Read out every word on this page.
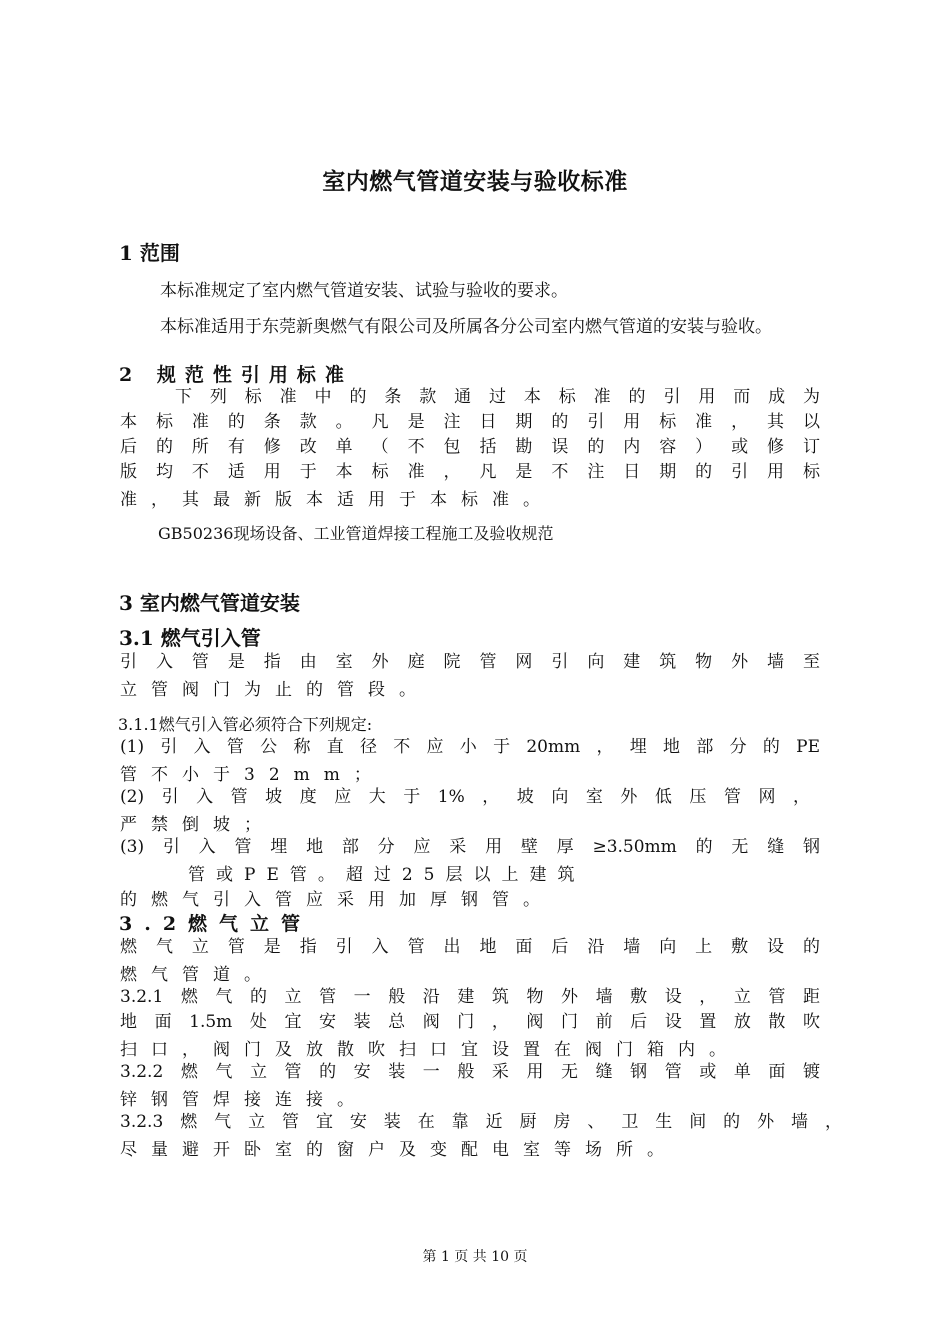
室内燃气管道安装与验收标准
1 范围
本标准规定了室内燃气管道安装、试验与验收的要求。
本标准适用于东莞新奥燃气有限公司及所属各分公司室内燃气管道的安装与验收。
2 规范性引用标准
下列标准中的条款通过本标准的引用而成为
本标准的条款。凡是注日期的引用标准，其以
后的所有修改单（不包括勘误的内容）或修订
版均不适用于本标准，凡是不注日期的引用标
准，其最新版本适用于本标准。
GB50236现场设备、工业管道焊接工程施工及验收规范
3 室内燃气管道安装
3.1 燃气引入管
引入管是指由室外庭院管网引向建筑物外墙至
立管阀门为止的管段。
3.1.1燃气引入管必须符合下列规定:
(1)引入管公称直径不应小于20mm，埋地部分的PE
管不小于32mm；
(2)引入管坡度应大于1%，坡向室外低压管网，
严禁倒坡；
(3)引入管埋地部分应采用壁厚≥3.50mm的无缝钢
管或PE管。超过25层以上建筑
的燃气引入管应采用加厚钢管。
3.2燃气立管
燃气立管是指引入管出地面后沿墙向上敷设的
燃气管道。
3.2.1燃气的立管一般沿建筑物外墙敷设，立管距
地面1.5m处宜安装总阀门，阀门前后设置放散吹
扫口，阀门及放散吹扫口宜设置在阀门箱内。
3.2.2燃气立管的安装一般采用无缝钢管或单面镀
锌钢管焊接连接。
3.2.3燃气立管宜安装在靠近厨房、卫生间的外墙，
尽量避开卧室的窗户及变配电室等场所。
第 1 页 共 10 页
